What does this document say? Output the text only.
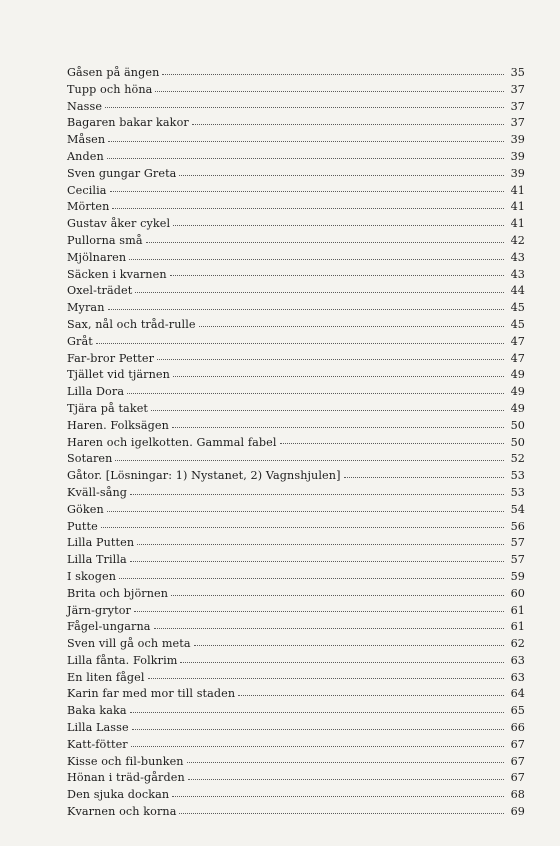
Gåsen på ängen	35
Tupp och höna	37
Nasse	37
Bagaren bakar kakor	37
Måsen	39
Anden	39
Sven gungar Greta	39
Cecilia	41
Mörten	41
Gustav åker cykel	41
Pullorna små	42
Mjölnaren	43
Säcken i kvarnen	43
Oxel-trädet	44
Myran	45
Sax, nål och tråd-rulle	45
Gråt	47
Far-bror Petter	47
Tjället vid tjärnen	49
Lilla Dora	49
Tjära på taket	49
Haren. Folksägen	50
Haren och igelkotten. Gammal fabel	50
Sotaren	52
Gåtor. [Lösningar: 1) Nystanet, 2) Vagnshjulen]	53
Kväll-sång	53
Göken	54
Putte	56
Lilla Putten	57
Lilla Trilla	57
I skogen	59
Brita och björnen	60
Järn-grytor	61
Fågel-ungarna	61
Sven vill gå och meta	62
Lilla fånta. Folkrim	63
En liten fågel	63
Karin far med mor till staden	64
Baka kaka	65
Lilla Lasse	66
Katt-fötter	67
Kisse och fil-bunken	67
Hönan i träd-gården	67
Den sjuka dockan	68
Kvarnen och korna	69
